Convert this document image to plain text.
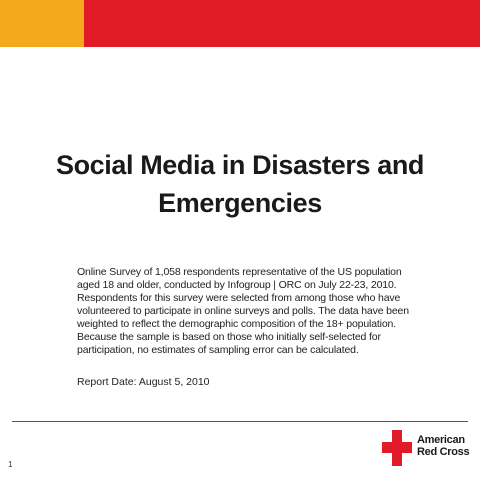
Social Media in Disasters and Emergencies
Online Survey of 1,058 respondents representative of the US population aged 18 and older, conducted by Infogroup | ORC on July 22-23, 2010. Respondents for this survey were selected from among those who have volunteered to participate in online surveys and polls. The data have been weighted to reflect the demographic composition of the 18+ population. Because the sample is based on those who initially self-selected for participation, no estimates of sampling error can be calculated.
Report Date: August 5, 2010
American
Red Cross
1
